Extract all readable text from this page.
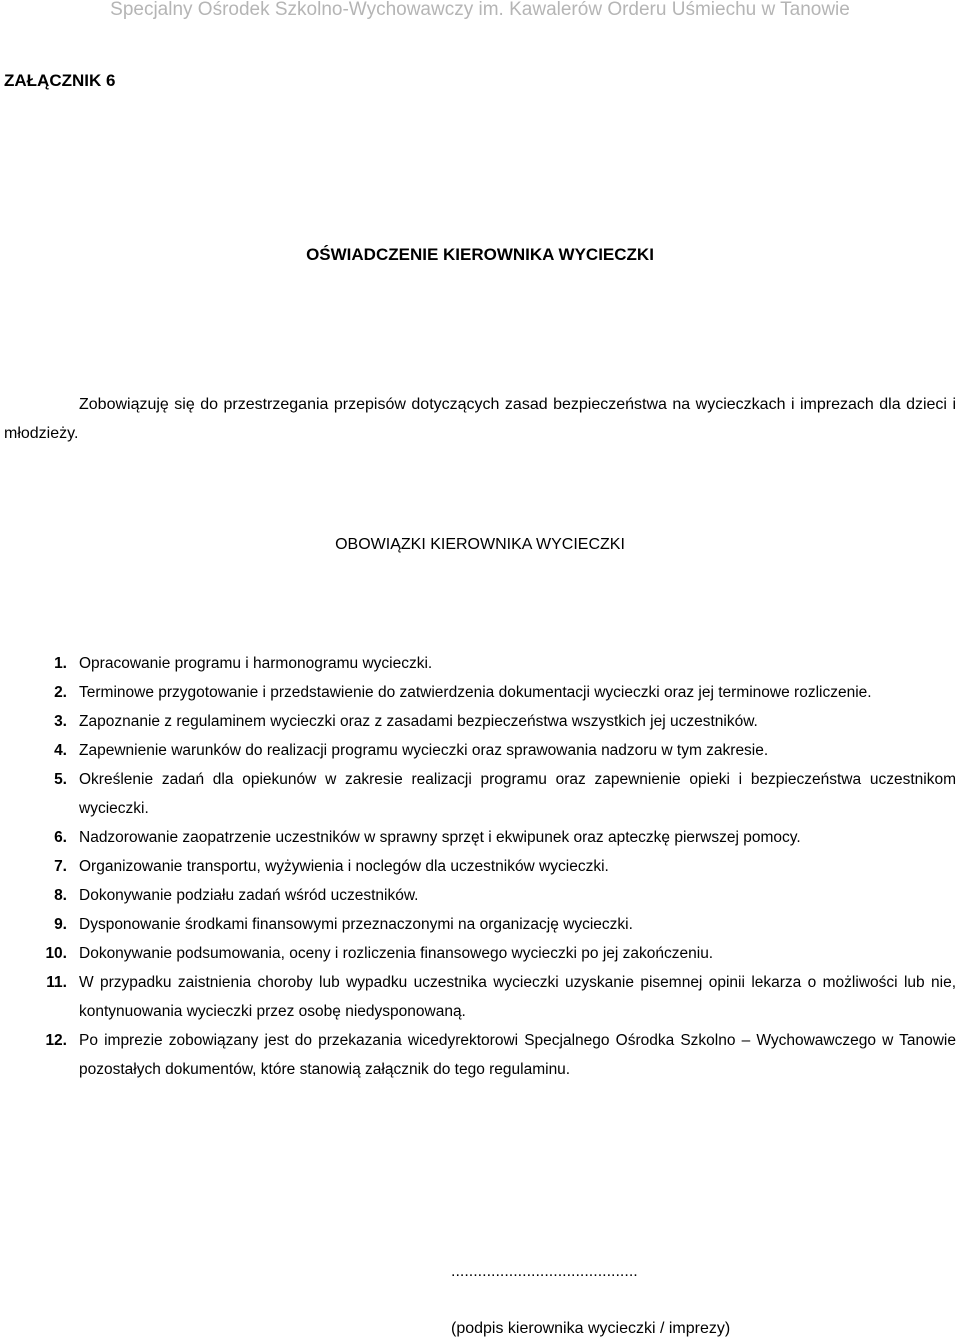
Specjalny Ośrodek Szkolno-Wychowawczy im. Kawalerów Orderu Uśmiechu w Tanowie
ZAŁĄCZNIK 6
OŚWIADCZENIE KIEROWNIKA WYCIECZKI
Zobowiązuję się do przestrzegania przepisów dotyczących zasad bezpieczeństwa na wycieczkach i imprezach dla dzieci i młodzieży.
OBOWIĄZKI KIEROWNIKA WYCIECZKI
1. Opracowanie programu i harmonogramu wycieczki.
2. Terminowe przygotowanie i przedstawienie do zatwierdzenia dokumentacji wycieczki oraz jej terminowe rozliczenie.
3. Zapoznanie z regulaminem wycieczki oraz z zasadami bezpieczeństwa wszystkich jej uczestników.
4. Zapewnienie warunków do realizacji programu wycieczki oraz sprawowania nadzoru w tym zakresie.
5. Określenie zadań dla opiekunów w zakresie realizacji programu oraz zapewnienie opieki i bezpieczeństwa uczestnikom wycieczki.
6. Nadzorowanie zaopatrzenie uczestników w sprawny sprzęt i ekwipunek oraz apteczkę pierwszej pomocy.
7. Organizowanie transportu, wyżywienia i noclegów dla uczestników wycieczki.
8. Dokonywanie podziału zadań wśród uczestników.
9. Dysponowanie środkami finansowymi przeznaczonymi na organizację wycieczki.
10. Dokonywanie podsumowania, oceny i rozliczenia finansowego wycieczki po jej zakończeniu.
11. W przypadku zaistnienia choroby lub wypadku uczestnika wycieczki uzyskanie pisemnej opinii lekarza o możliwości lub nie, kontynuowania wycieczki przez osobę niedysponowaną.
12. Po imprezie zobowiązany jest do przekazania wicedyrektorowi Specjalnego Ośrodka Szkolno – Wychowawczego w Tanowie pozostałych dokumentów, które stanowią załącznik do tego regulaminu.
..........................................
(podpis kierownika wycieczki / imprezy)
